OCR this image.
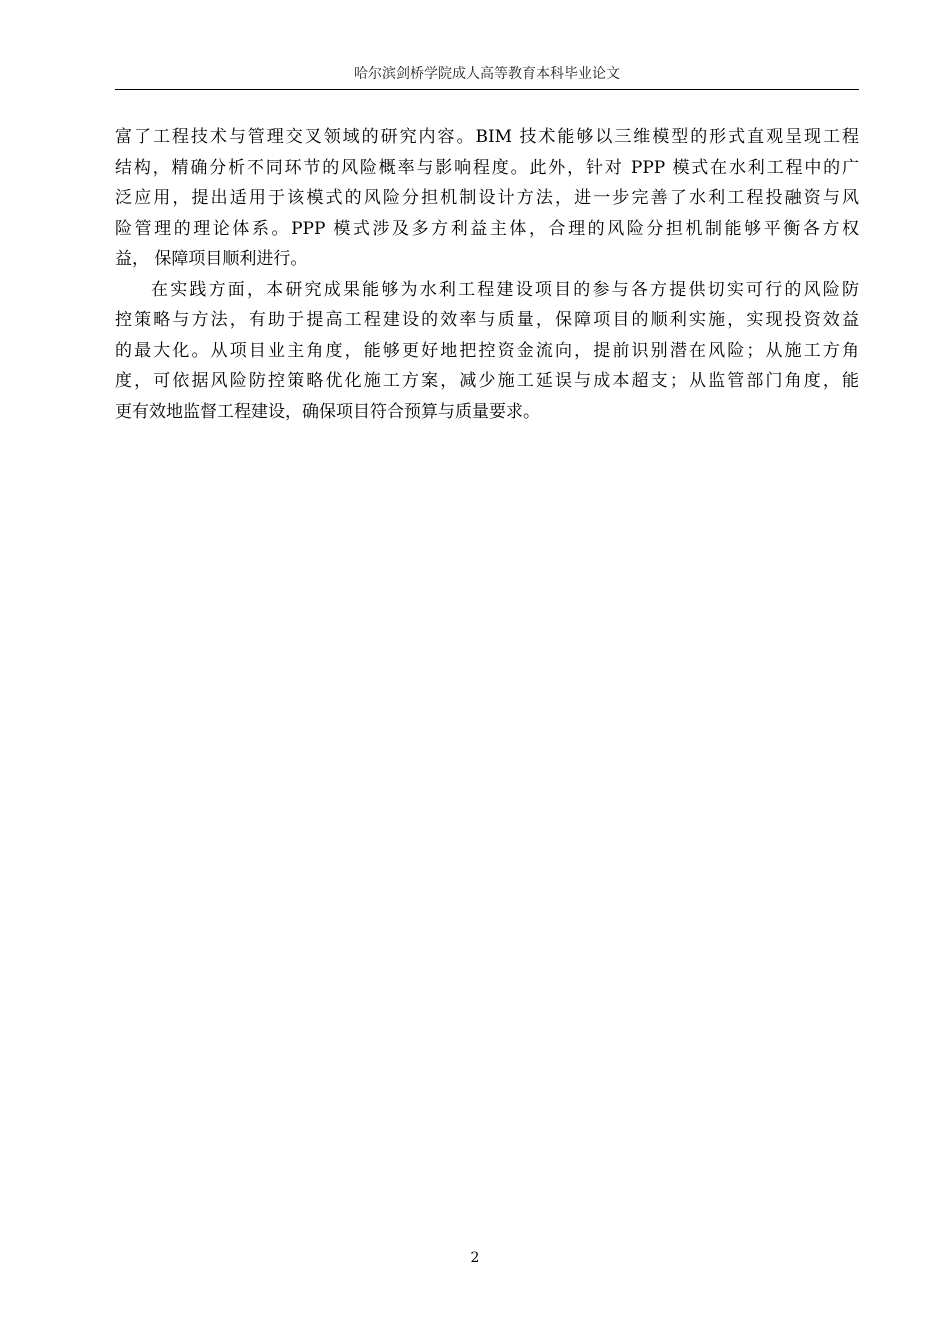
哈尔滨剑桥学院成人高等教育本科毕业论文
富了工程技术与管理交叉领域的研究内容。BIM 技术能够以三维模型的形式直观呈现工程
结构，精确分析不同环节的风险概率与影响程度。此外，针对 PPP 模式在水利工程中的广
泛应用，提出适用于该模式的风险分担机制设计方法，进一步完善了水利工程投融资与风
险管理的理论体系。PPP 模式涉及多方利益主体，合理的风险分担机制能够平衡各方权
益， 保障项目顺利进行。
在实践方面，本研究成果能够为水利工程建设项目的参与各方提供切实可行的风险防
控策略与方法，有助于提高工程建设的效率与质量，保障项目的顺利实施，实现投资效益
的最大化。从项目业主角度，能够更好地把控资金流向，提前识别潜在风险；从施工方角
度，可依据风险防控策略优化施工方案，减少施工延误与成本超支；从监管部门角度，能
更有效地监督工程建设，确保项目符合预算与质量要求。
2
